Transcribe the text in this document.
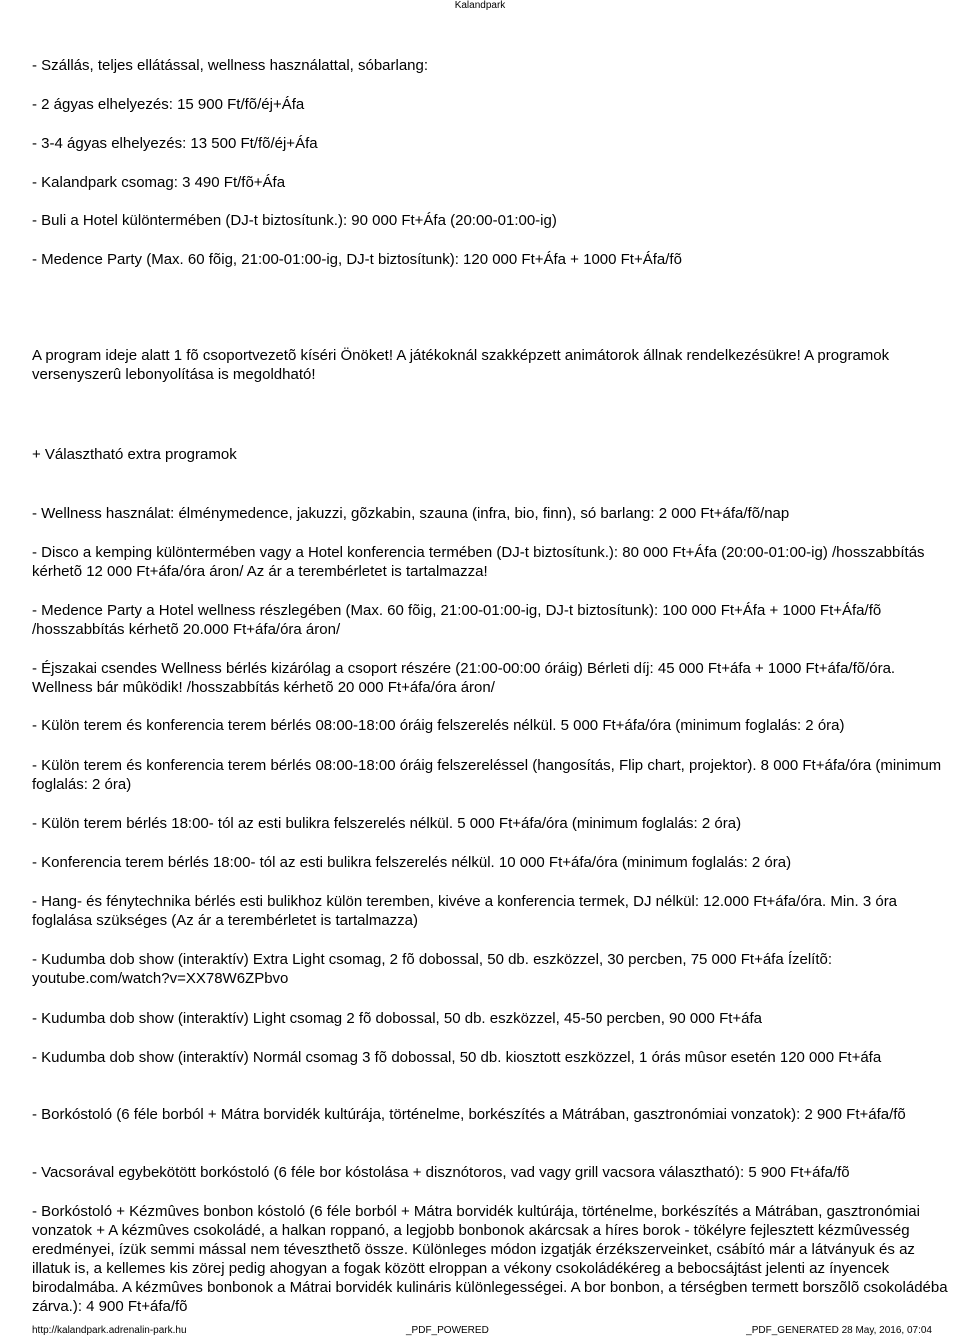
Kalandpark
- Szállás, teljes ellátással, wellness használattal, sóbarlang:
- 2 ágyas elhelyezés: 15 900 Ft/fõ/éj+Áfa
- 3-4 ágyas elhelyezés: 13 500 Ft/fõ/éj+Áfa
- Kalandpark csomag: 3 490 Ft/fõ+Áfa
- Buli a Hotel különtermében (DJ-t biztosítunk.): 90 000 Ft+Áfa (20:00-01:00-ig)
- Medence Party (Max. 60 fõig, 21:00-01:00-ig, DJ-t biztosítunk): 120 000 Ft+Áfa + 1000 Ft+Áfa/fõ
A program ideje alatt 1 fõ csoportvezetõ kíséri Önöket! A játékoknál szakképzett animátorok állnak rendelkezésükre! A programok versenyszerû lebonyolítása is megoldható!
+ Választható extra programok
- Wellness használat: élménymedence, jakuzzi, gõzkabin, szauna (infra, bio, finn), só barlang: 2 000 Ft+áfa/fõ/nap
- Disco a kemping különtermében vagy a Hotel konferencia termében (DJ-t biztosítunk.): 80 000 Ft+Áfa (20:00-01:00-ig) /hosszabbítás kérhetõ 12 000 Ft+áfa/óra áron/ Az ár a terembérletet is tartalmazza!
- Medence Party a Hotel wellness részlegében (Max. 60 fõig, 21:00-01:00-ig, DJ-t biztosítunk): 100 000 Ft+Áfa + 1000 Ft+Áfa/fõ /hosszabbítás kérhetõ 20.000 Ft+áfa/óra áron/
- Éjszakai csendes Wellness bérlés kizárólag a csoport részére (21:00-00:00 óráig) Bérleti díj: 45 000 Ft+áfa + 1000 Ft+áfa/fõ/óra. Wellness bár mûködik! /hosszabbítás kérhetõ 20 000 Ft+áfa/óra áron/
- Külön terem és konferencia terem bérlés 08:00-18:00 óráig felszerelés nélkül. 5 000 Ft+áfa/óra (minimum foglalás: 2 óra)
- Külön terem és konferencia terem bérlés 08:00-18:00 óráig felszereléssel (hangosítás, Flip chart, projektor). 8 000 Ft+áfa/óra (minimum foglalás: 2 óra)
- Külön terem bérlés 18:00- tól az esti bulikra felszerelés nélkül. 5 000 Ft+áfa/óra (minimum foglalás: 2 óra)
- Konferencia terem bérlés 18:00- tól az esti bulikra felszerelés nélkül. 10 000 Ft+áfa/óra (minimum foglalás: 2 óra)
- Hang- és fénytechnika bérlés esti bulikhoz külön teremben, kivéve a konferencia termek, DJ nélkül: 12.000 Ft+áfa/óra. Min. 3 óra foglalása szükséges (Az ár a terembérletet is tartalmazza)
- Kudumba dob show (interaktív) Extra Light csomag, 2 fõ dobossal, 50 db. eszközzel, 30 percben, 75 000 Ft+áfa Ízelítõ: youtube.com/watch?v=XX78W6ZPbvo
- Kudumba dob show (interaktív) Light csomag 2 fõ dobossal, 50 db. eszközzel, 45-50 percben, 90 000 Ft+áfa
- Kudumba dob show (interaktív) Normál csomag 3 fõ dobossal, 50 db. kiosztott eszközzel, 1 órás mûsor esetén 120 000 Ft+áfa
- Borkóstoló (6 féle borból + Mátra borvidék kultúrája, történelme, borkészítés a Mátrában, gasztronómiai vonzatok): 2 900 Ft+áfa/fõ
- Vacsorával egybekötött borkóstoló (6 féle bor kóstolása + disznótoros, vad vagy grill vacsora választható): 5 900 Ft+áfa/fõ
- Borkóstoló + Kézmûves bonbon kóstoló (6 féle borból + Mátra borvidék kultúrája, történelme, borkészítés a Mátrában, gasztronómiai vonzatok + A kézmûves csokoládé, a halkan roppanó, a legjobb bonbonok akárcsak a híres borok - tökélyre fejlesztett kézmûvesség eredményei, ízük semmi mással nem téveszthetõ össze. Különleges módon izgatják érzékszerveinket, csábító már a látványuk és az illatuk is, a kellemes kis zörej pedig ahogyan a fogak között elroppan a vékony csokoládékéreg a bebocsájtást jelenti az ínyencek birodalmába. A kézmûves bonbonok a Mátrai borvidék kulináris különlegességei. A bor bonbon, a térségben termett borszõlõ csokoládéba zárva.): 4 900 Ft+áfa/fõ
http://kalandpark.adrenalin-park.hu	_PDF_POWERED	_PDF_GENERATED 28 May, 2016, 07:04
